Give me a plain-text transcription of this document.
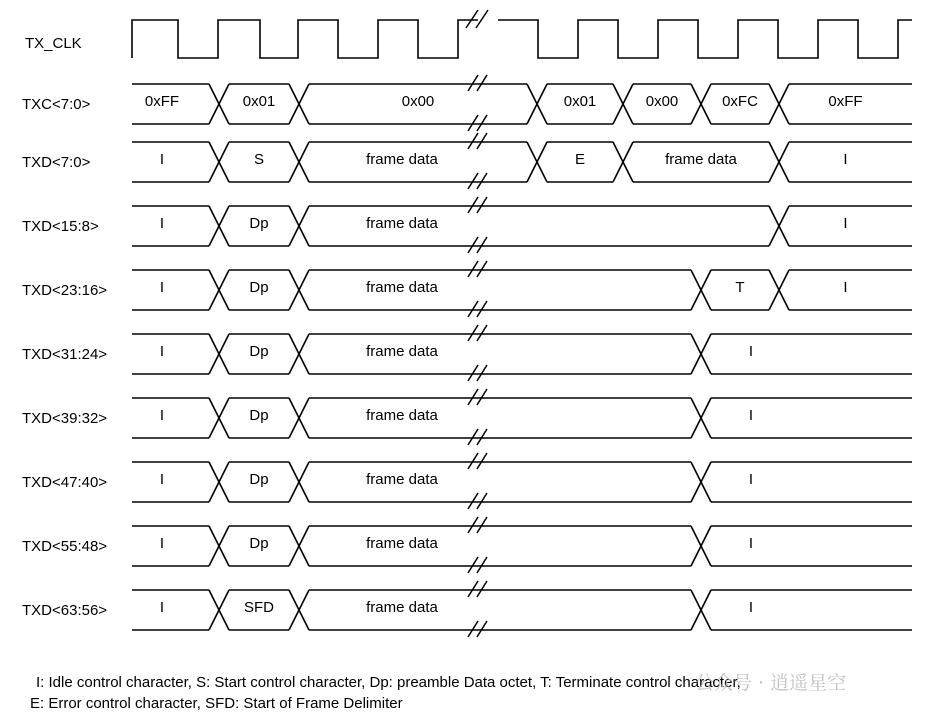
TX_CLK
TXC<7:0>	0xFF	0x01	0x00	0x01	0x00	0xFC	0xFF
TXD<7:0>	I	S	frame data	E	frame data	I
TXD<15:8>	I	Dp	frame data	I
TXD<23:16>	I	Dp	frame data	T	I
TXD<31:24>	I	Dp	frame data	I
TXD<39:32>	I	Dp	frame data	I
TXD<47:40>	I	Dp	frame data	I
TXD<55:48>	I	Dp	frame data	I
TXD<63:56>	I	SFD	frame data	I
I: Idle control character, S: Start control character, Dp: preamble Data octet, T: Terminate control character,
E: Error control character, SFD: Start of Frame Delimiter
公众号 · 逍遥星空
